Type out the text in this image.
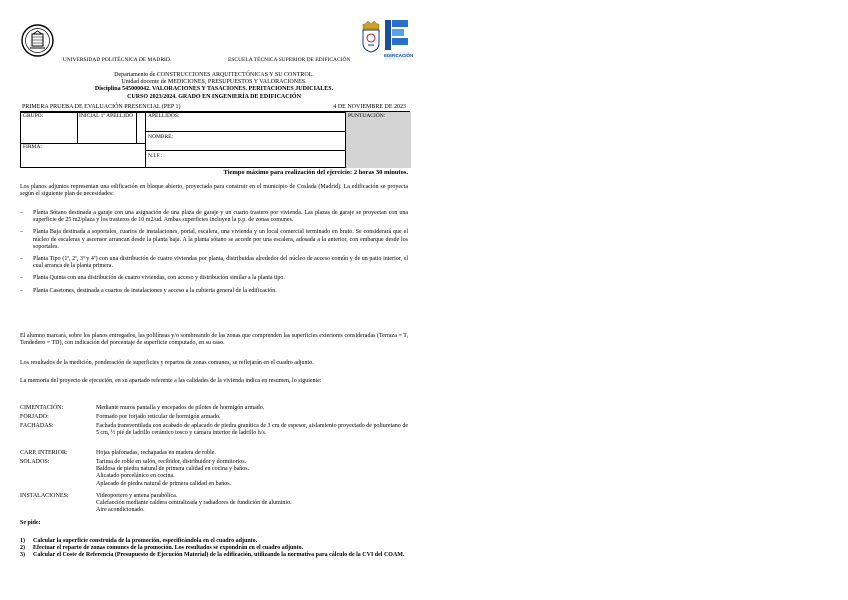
UNIVERSIDAD POLITÉCNICA DE MADRID.	ESCUELA TÉCNICA SUPERIOR DE EDIFICACIÓN
EDIFICACIÓN
Departamento de CONSTRUCCIONES ARQUITECTÓNICAS Y SU CONTROL.
Unidad docente de MEDICIONES, PRESUPUESTOS Y VALORACIONES.
Disciplina 545000042. VALORACIONES Y TASACIONES. PERITACIONES JUDICIALES.
CURSO 2023/2024. GRADO EN INGENIERÍA DE EDIFICACIÓN
PRIMERA PRUEBA DE EVALUACIÓN PRESENCIAL (PEP 1)	4 DE NOVIEMBRE DE 2023
GRUPO:	INICIAL 1º APELLIDO	APELLIDOS:
NOMBRE:
FIRMA:
N.I.F.:
PUNTUACIÓN:
Tiempo máximo para realización del ejercicio: 2 horas 30 minutos.
Los planos adjuntos representan una edificación en bloque abierto, proyectada para construir en el municipio de Coslada (Madrid). La edificación se proyecta según el siguiente plan de necesidades:
– Planta Sótano destinada a garaje con una asignación de una plaza de garaje y un cuarto trastero por vivienda. Las plazas de garaje se proyectan con una superficie de 25 m2/plaza y los trasteros de 10 m2/ud. Ambas superficies incluyen la p.p. de zonas comunes.
– Planta Baja destinada a soportales, cuartos de instalaciones, portal, escalera, una vivienda y un local comercial terminado en bruto. Se considerará que el núcleo de escaleras y ascensor arrancan desde la planta baja. A la planta sótano se accede por una escalera, adosada a la anterior, con embarque desde los soportales.
– Planta Tipo (1ª, 2ª, 3ª y 4ª) con una distribución de cuatro viviendas por planta, distribuidas alrededor del núcleo de acceso común y de un patio interior, el cual arranca de la planta primera.
– Planta Quinta con una distribución de cuatro viviendas, con acceso y distribución similar a la planta tipo.
– Planta Casetones, destinada a cuartos de instalaciones y acceso a la cubierta general de la edificación.
El alumno marcará, sobre los planos entregados, las polilíneas y/o sombreando de las zonas que comprenden las superficies exteriores consideradas (Terraza = T, Tendedero = TD), con indicación del porcentaje de superficie computado, en su caso.
Los resultados de la medición, ponderación de superficies y repartos de zonas comunes, se reflejarán en el cuadro adjunto.
La memoria del proyecto de ejecución, en su apartado referente a las calidades de la vivienda indica en resumen, lo siguiente:
CIMENTACIÓN:	Mediante muros pantalla y encepados de pilotes de hormigón armado.
FORJADO:	Formado por forjado reticular de hormigón armado.
FACHADAS:	Fachada transventilada con acabado de aplacado de piedra granítica de 3 cm de espesor, aislamiento proyectado de poliuretano de 5 cm, ½ pié de ladrillo cerámico tosco y cámara interior de ladrillo h/s.
CARP. INTERIOR:	Hojas plafonadas, rechapadas en madera de roble.
SOLADOS:	Tarima de roble en salón, recibidor, distribuidor y dormitorios.
Baldosa de piedra natural de primera calidad en cocina y baños.
Alicatado porcelánico en cocina.
Aplacado de piedra natural de primera calidad en baños.
INSTALACIONES:	Videoportero y antena parabólica.
Calefacción mediante caldera centralizada y radiadores de fundición de aluminio.
Aire acondicionado.
Se pide:
1) Calcular la superficie construida de la promoción, especificándola en el cuadro adjunto.
2) Efectuar el reparto de zonas comunes de la promoción. Los resultados se expondrán en el cuadro adjunto.
3) Calcular el Coste de Referencia (Presupuesto de Ejecución Material) de la edificación, utilizando la normativa para cálculo de la CVI del COAM.
